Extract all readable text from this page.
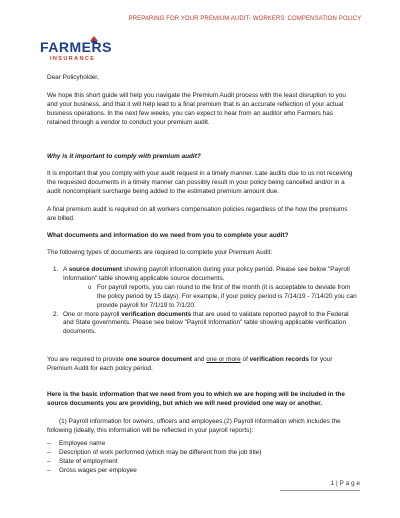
PREPARING FOR YOUR PREMIUM AUDIT- WORKERS' COMPENSATION POLICY
FARMERS
INSURANCE

Dear Policyholder,

We hope this short guide will help you navigate the Premium Audit process with the least disruption to you and your business, and that it will help lead to a final premium that is an accurate reflection of your actual business operations. In the next few weeks, you can expect to hear from an auditor who Farmers has retained through a vendor to conduct your premium audit.

Why is it important to comply with premium audit?

It is important that you comply with your audit request in a timely manner. Late audits due to us not receiving the requested documents in a timely manner can possibly result in your policy being cancelled and/or in a audit noncompliant surcharge being added to the estimated premium amount due.

A final premium audit is required on all workers compensation policies regardless of the how the premiums are billed.

What documents and information do we need from you to complete your audit?

The following types of documents are required to complete your Premium Audit:

1. A source document showing payroll information during your policy period. Please see below "Payroll Information" table showing applicable source documents.
o For payroll reports, you can round to the first of the month (it is acceptable to deviate from the policy period by 15 days). For example, if your policy period is 7/14/19 - 7/14/20 you can provide payroll for 7/1/19 to 7/1/20.
2. One or more payroll verification documents that are used to validate reported payroll to the Federal and State governments. Please see below "Payroll Information" table showing applicable verification documents.

You are required to provide one source document and one or more of verification records for your Premium Audit for each policy period.

Here is the basic information that we need from you to which we are hoping will be included in the source documents you are providing, but which we will need provided one way or another.

(1) Payroll information for owners, officers and employees.(2) Payroll information which includes the following (ideally, this information will be reflected in your payroll reports):

– Employee name
– Description of work performed (which may be different from the job title)
– State of employment
– Gross wages per employee
1 | P a g e
